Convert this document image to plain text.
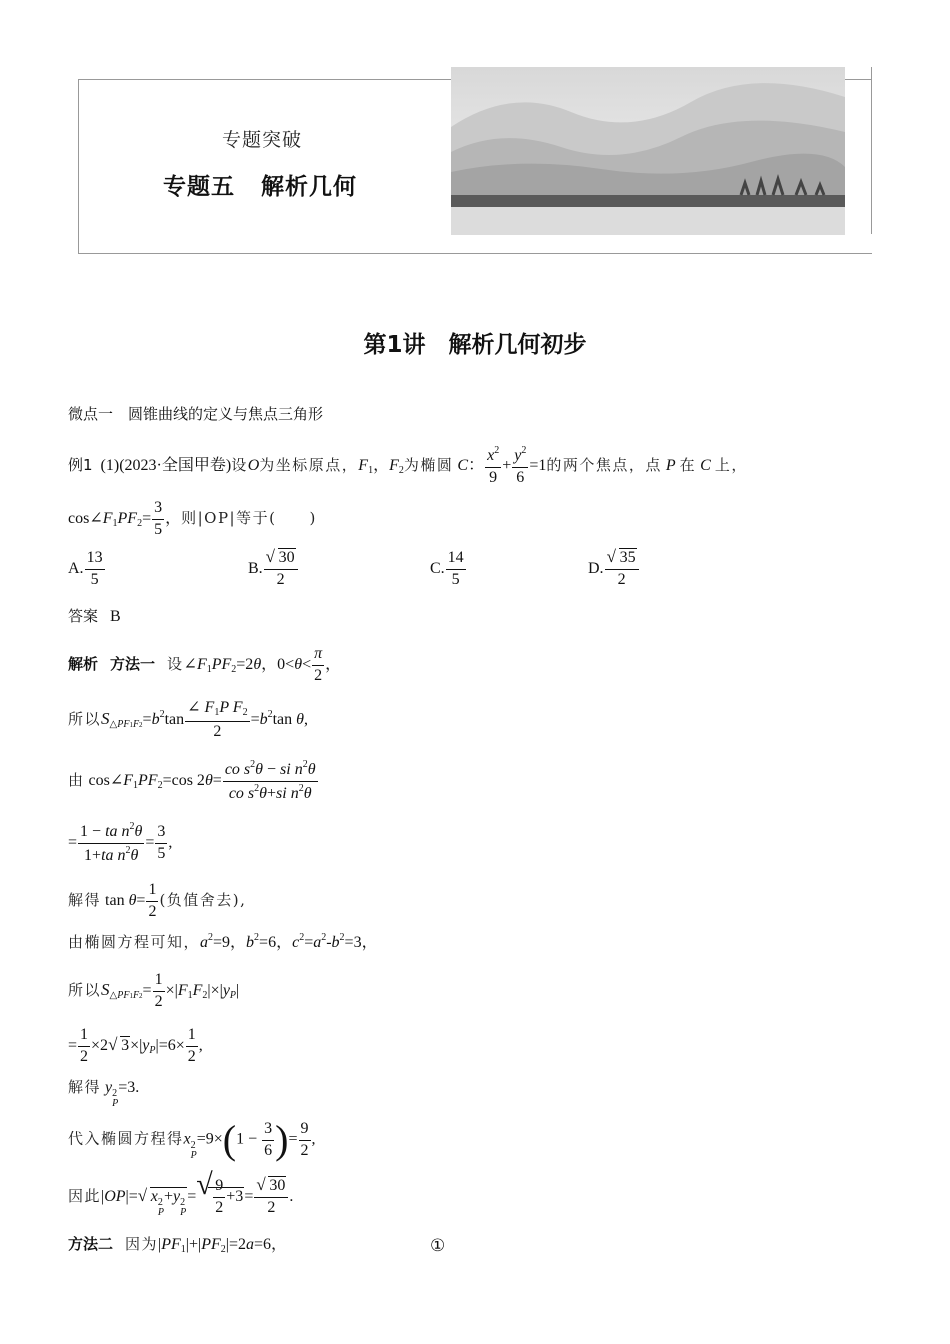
专题突破
专题五 解析几何
第1讲　解析几何初步
微点一　圆锥曲线的定义与焦点三角形
例1 (1)(2023·全国甲卷)设O为坐标原点，$F_1$，$F_2$为椭圆 C： $\frac{x^2}{9} + \frac{y^2}{6} =1$的两个焦点，点 P 在 C 上，
$\cos\angle F_1PF_2= \frac{3}{5}$ ，则|OP|等于(　　)
A. $\frac{13}{5}$	B. $\frac{√ 30}{2}$	C. $\frac{14}{5}$	D. $\frac{√ 35}{2}$
答案 B
解析 方法一 设$\angle F_1PF_2=2\theta$，$0<\theta< \frac{\pi}{2}$ ，
所以$S_{\triangle PF1F2}=b^2\tan \frac{\angle F_1P F_2}{2} =b^2\tan$ θ,
由 $\cos\angle F_1PF_2=\cos$ $2\theta= \frac{co s^2\theta - si n^2\theta}{co s^2\theta+si n^2\theta}$
= $\frac{1 - ta n^2\theta}{1+ta n^2\theta} = \frac{3}{5}$ ,
解得 $\tan \theta= \frac{1}{2}$ (负值舍去),
由椭圆方程可知，$a^2=9$，$b^2=6$，$c^2=a^2-b^2=3$，
所以$S_{\triangle PF1F2}= \frac{1}{2} \times|F_1F_2|\times|y_P|$
= $\frac{1}{2} \times 2$ √ $3\times|y_P|=6\times \frac{1}{2}$ ,
解得 y 2
P
=3.
代入椭圆方程得x 2
P
$=9\times(1 - \frac{3}{6}$ )= $\frac{9}{2}$ ,
因此|OP|= √ x 2
P
+y 2
P
= √ $\frac{9}{2} +3= \frac{√ 30}{2}$ .
方法二 因为$|PF_1|+|PF_2|=2a=6$，	①
